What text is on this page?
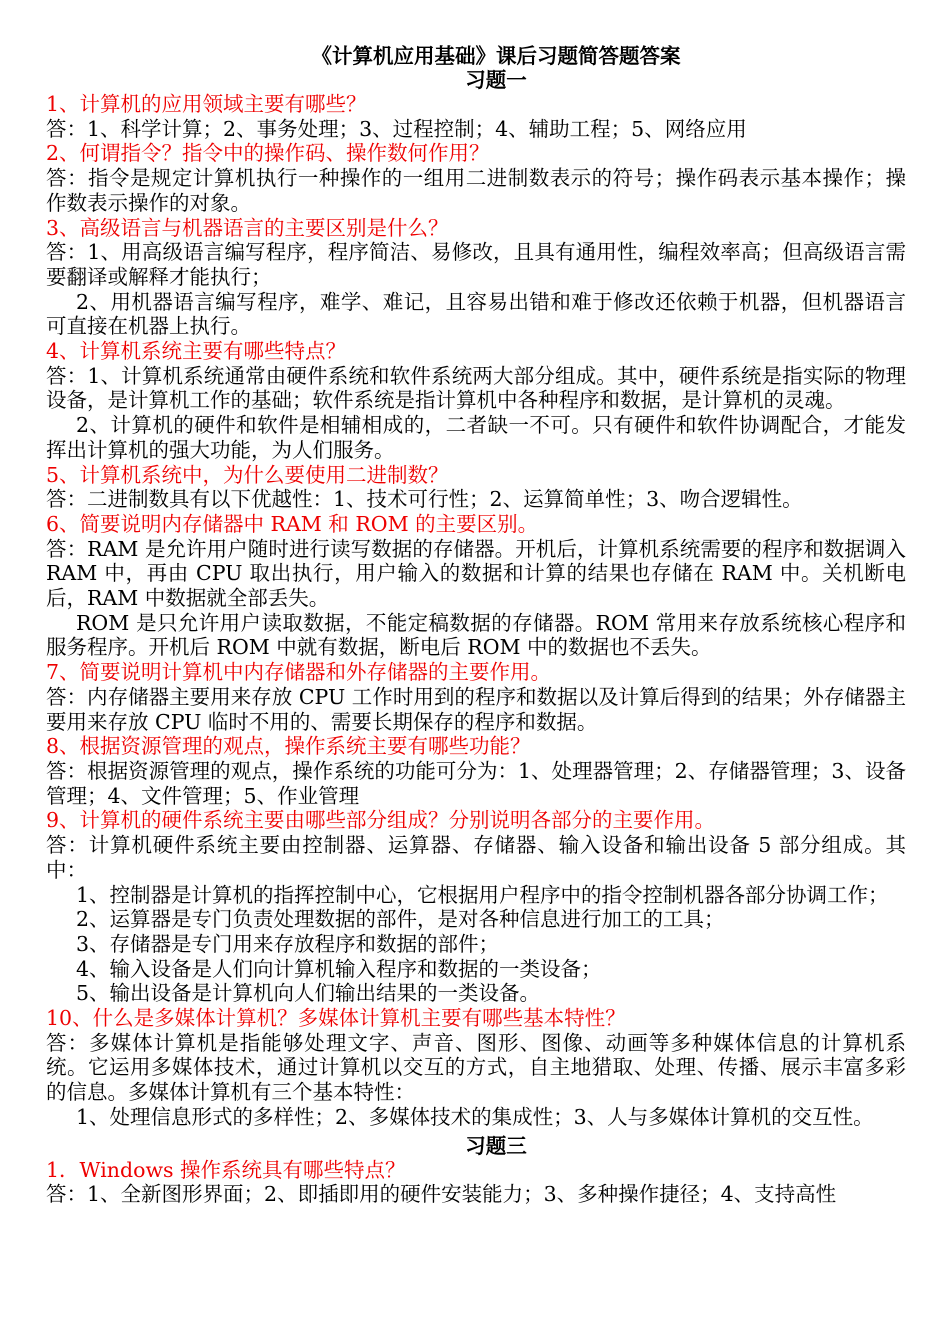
《计算机应用基础》课后习题简答题答案
习题一

1、计算机的应用领域主要有哪些？

答：1、科学计算；2、事务处理；3、过程控制；4、辅助工程；5、网络应用

2、何谓指令？指令中的操作码、操作数何作用？

答：指令是规定计算机执行一种操作的一组用二进制数表示的符号；操作码表示基本操作；操作数表示操作的对象。

3、高级语言与机器语言的主要区别是什么？

答：1、用高级语言编写程序，程序简洁、易修改，且具有通用性，编程效率高；但高级语言需要翻译或解释才能执行；

2、用机器语言编写程序，难学、难记，且容易出错和难于修改还依赖于机器，但机器语言可直接在机器上执行。

4、计算机系统主要有哪些特点？

答：1、计算机系统通常由硬件系统和软件系统两大部分组成。其中，硬件系统是指实际的物理设备，是计算机工作的基础；软件系统是指计算机中各种程序和数据，是计算机的灵魂。

2、计算机的硬件和软件是相辅相成的，二者缺一不可。只有硬件和软件协调配合，才能发挥出计算机的强大功能，为人们服务。

5、计算机系统中，为什么要使用二进制数？

答：二进制数具有以下优越性：1、技术可行性；2、运算简单性；3、吻合逻辑性。

6、简要说明内存储器中 RAM 和 ROM 的主要区别。

答：RAM 是允许用户随时进行读写数据的存储器。开机后，计算机系统需要的程序和数据调入 RAM 中，再由 CPU 取出执行，用户输入的数据和计算的结果也存储在 RAM 中。关机断电后，RAM 中数据就全部丢失。

ROM 是只允许用户读取数据，不能定稿数据的存储器。ROM 常用来存放系统核心程序和服务程序。开机后 ROM 中就有数据，断电后 ROM 中的数据也不丢失。

7、简要说明计算机中内存储器和外存储器的主要作用。

答：内存储器主要用来存放 CPU 工作时用到的程序和数据以及计算后得到的结果；外存储器主要用来存放 CPU 临时不用的、需要长期保存的程序和数据。

8、根据资源管理的观点，操作系统主要有哪些功能？

答：根据资源管理的观点，操作系统的功能可分为：1、处理器管理；2、存储器管理；3、设备管理；4、文件管理；5、作业管理

9、计算机的硬件系统主要由哪些部分组成？分别说明各部分的主要作用。

答：计算机硬件系统主要由控制器、运算器、存储器、输入设备和输出设备 5 部分组成。其中：

1、控制器是计算机的指挥控制中心，它根据用户程序中的指令控制机器各部分协调工作；

2、运算器是专门负责处理数据的部件，是对各种信息进行加工的工具；

3、存储器是专门用来存放程序和数据的部件；

4、输入设备是人们向计算机输入程序和数据的一类设备；

5、输出设备是计算机向人们输出结果的一类设备。

10、什么是多媒体计算机？多媒体计算机主要有哪些基本特性？

答：多媒体计算机是指能够处理文字、声音、图形、图像、动画等多种媒体信息的计算机系统。它运用多媒体技术，通过计算机以交互的方式，自主地猎取、处理、传播、展示丰富多彩的信息。多媒体计算机有三个基本特性：

1、处理信息形式的多样性；2、多媒体技术的集成性；3、人与多媒体计算机的交互性。

习题三

1．Windows 操作系统具有哪些特点？

答：1、全新图形界面；2、即插即用的硬件安装能力；3、多种操作捷径；4、支持高性
